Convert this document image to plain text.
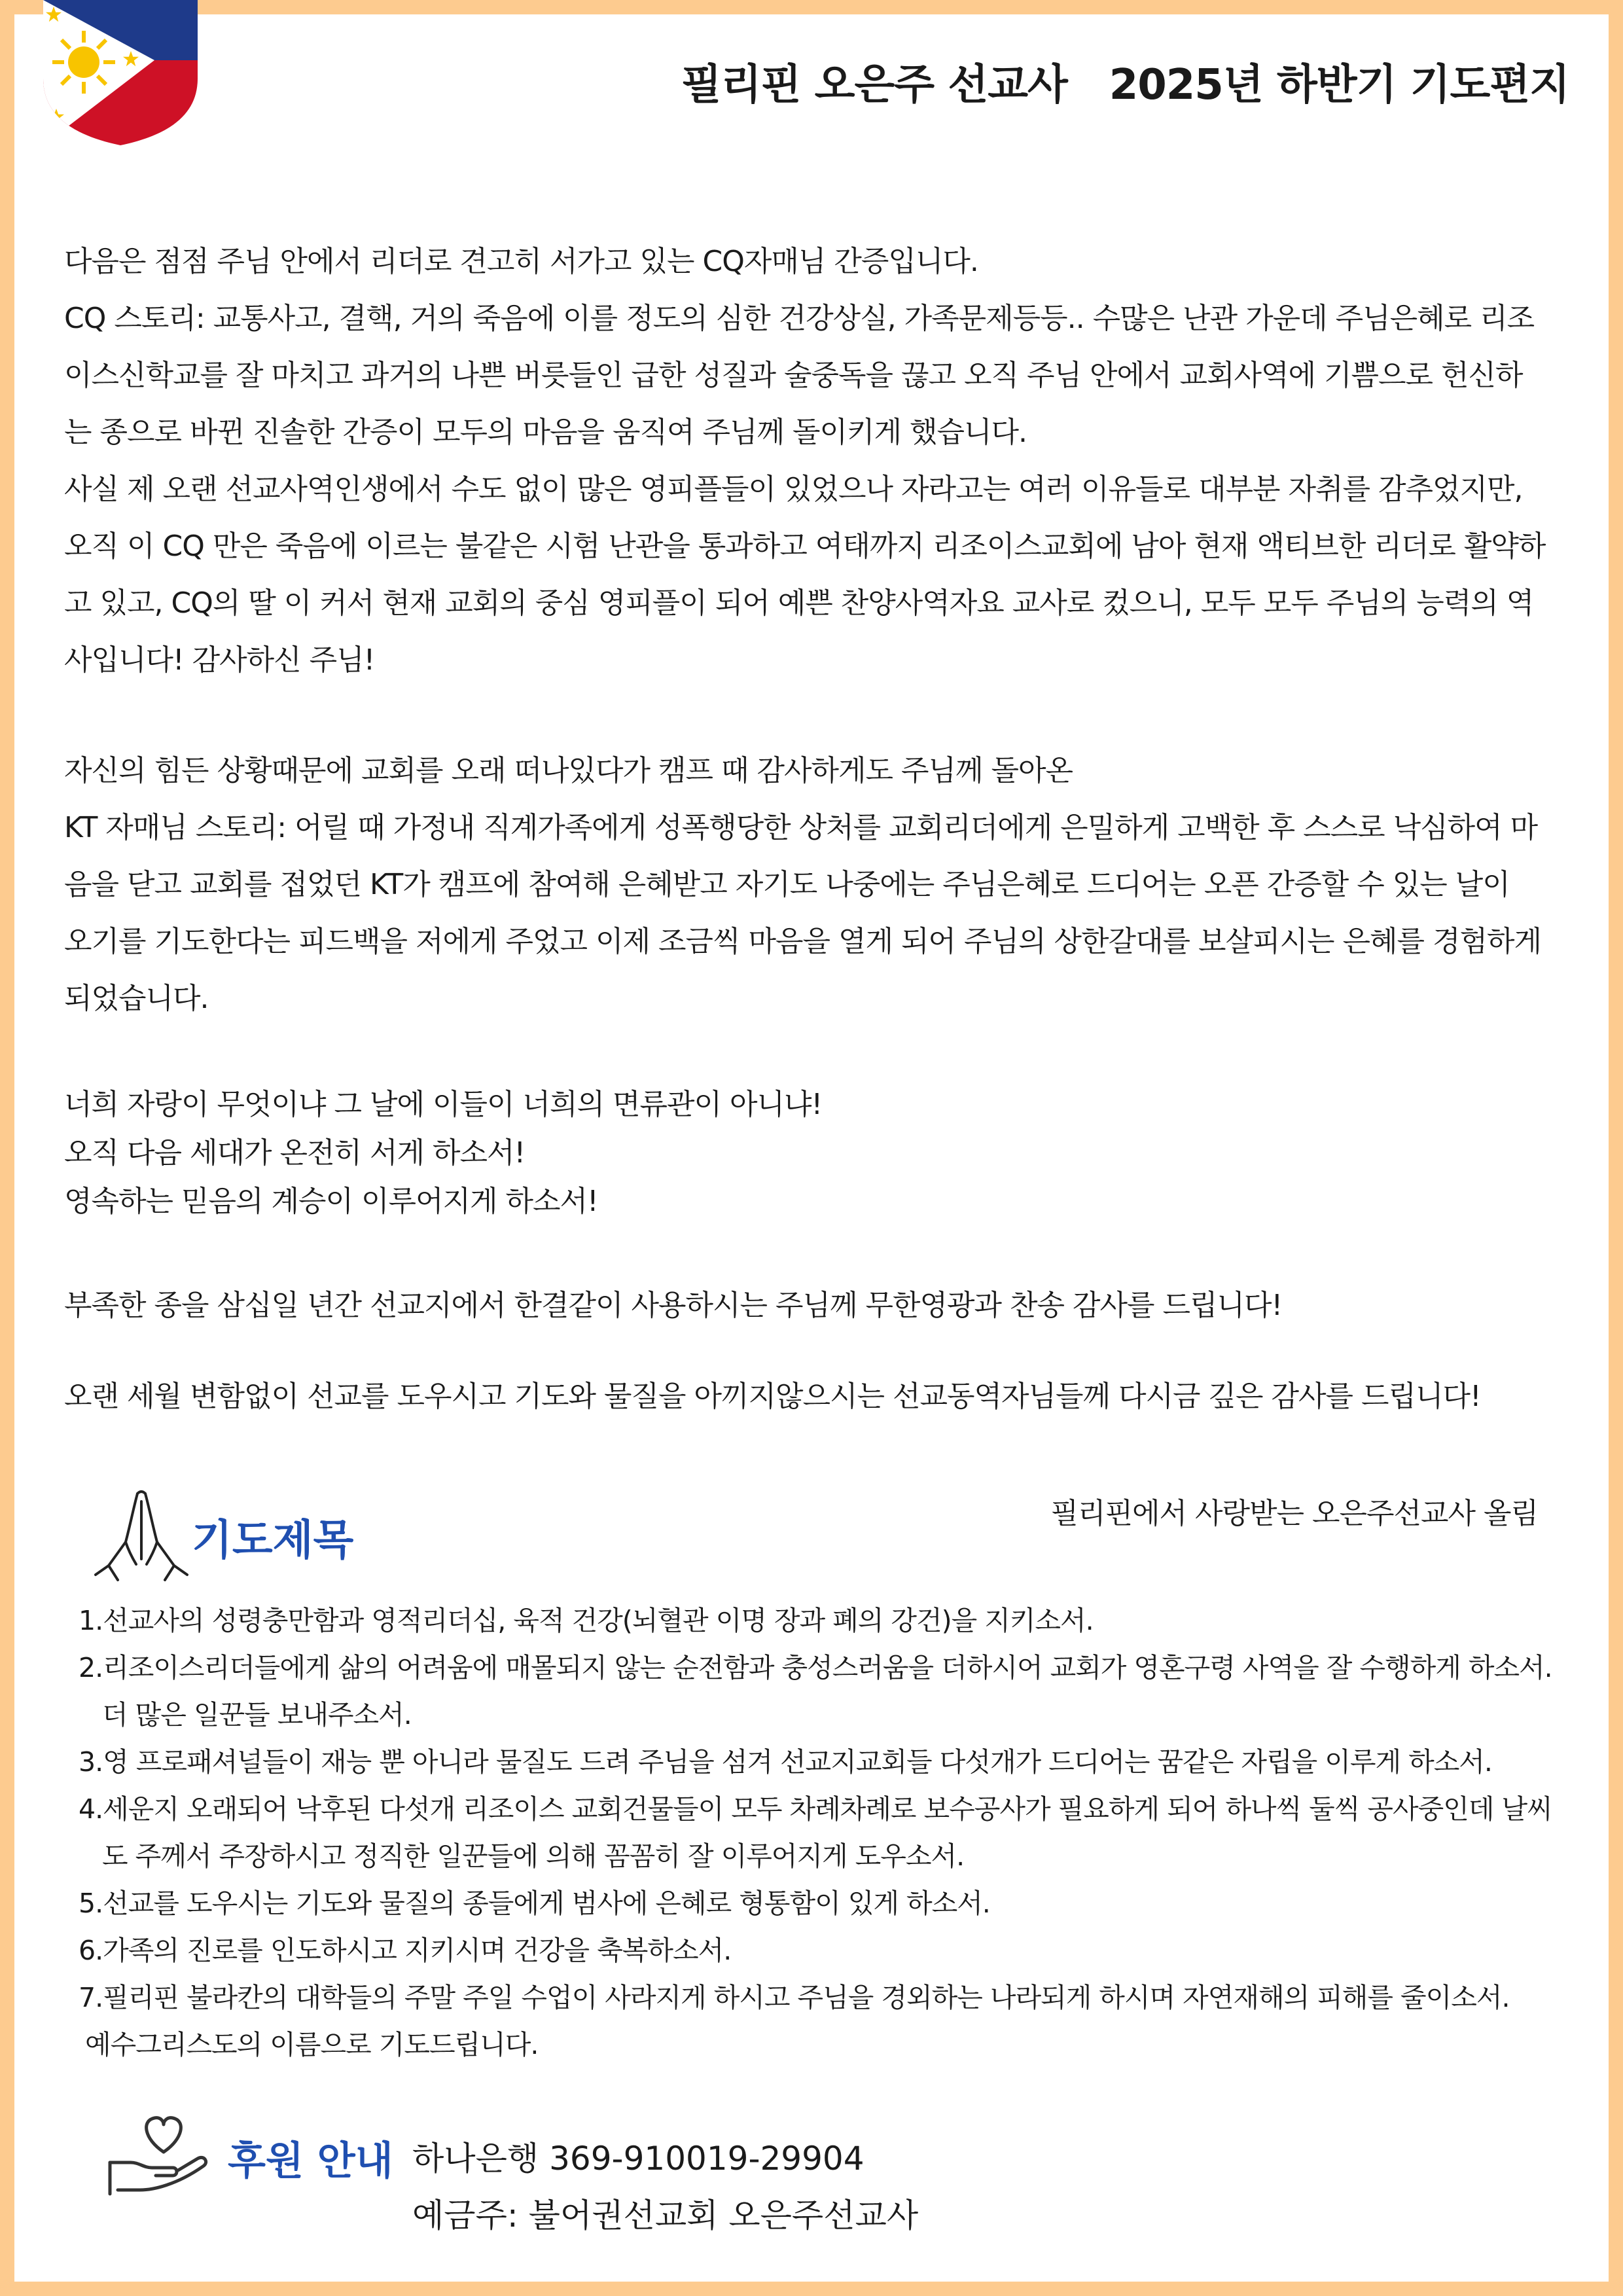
필리핀 오은주 선교사   2025년 하반기 기도편지

다음은 점점 주님 안에서 리더로 견고히 서가고 있는 CQ자매님 간증입니다.

CQ 스토리: 교통사고, 결핵, 거의 죽음에 이를 정도의 심한 건강상실, 가족문제등등.. 수많은 난관 가운데 주님은혜로 리조

이스신학교를 잘 마치고 과거의 나쁜 버릇들인 급한 성질과 술중독을 끊고 오직 주님 안에서 교회사역에 기쁨으로 헌신하

는 종으로 바뀐 진솔한 간증이 모두의 마음을 움직여 주님께 돌이키게 했습니다.

사실 제 오랜 선교사역인생에서 수도 없이 많은 영피플들이 있었으나 자라고는 여러 이유들로 대부분 자취를 감추었지만,

오직 이 CQ 만은 죽음에 이르는 불같은 시험 난관을 통과하고 여태까지 리조이스교회에 남아 현재 액티브한 리더로 활약하

고 있고, CQ의 딸 이 커서 현재 교회의 중심 영피플이 되어 예쁜 찬양사역자요 교사로 컸으니, 모두 모두 주님의 능력의 역

사입니다! 감사하신 주님!

자신의 힘든 상황때문에 교회를 오래 떠나있다가 캠프 때 감사하게도 주님께 돌아온

KT 자매님 스토리: 어릴 때 가정내 직계가족에게 성폭행당한 상처를 교회리더에게 은밀하게 고백한 후 스스로 낙심하여 마

음을 닫고 교회를 접었던 KT가 캠프에 참여해 은혜받고 자기도 나중에는 주님은혜로 드디어는 오픈 간증할 수 있는 날이

오기를 기도한다는 피드백을 저에게 주었고 이제 조금씩 마음을 열게 되어 주님의 상한갈대를 보살피시는 은혜를 경험하게

되었습니다.

너희 자랑이 무엇이냐 그 날에 이들이 너희의 면류관이 아니냐!

오직 다음 세대가 온전히 서게 하소서!

영속하는 믿음의 계승이 이루어지게 하소서!

부족한 종을 삼십일 년간 선교지에서 한결같이 사용하시는 주님께 무한영광과 찬송 감사를 드립니다!

오랜 세월 변함없이 선교를 도우시고 기도와 물질을 아끼지않으시는 선교동역자님들께 다시금 깊은 감사를 드립니다!

기도제목
필리핀에서 사랑받는 오은주선교사 올림

1.선교사의 성령충만함과 영적리더십, 육적 건강(뇌혈관 이명 장과 폐의 강건)을 지키소서.

2.리조이스리더들에게 삶의 어려움에 매몰되지 않는 순전함과 충성스러움을 더하시어 교회가 영혼구령 사역을 잘 수행하게 하소서.

더 많은 일꾼들 보내주소서.

3.영 프로패셔널들이 재능 뿐 아니라 물질도 드려 주님을 섬겨 선교지교회들 다섯개가 드디어는 꿈같은 자립을 이루게 하소서.

4.세운지 오래되어 낙후된 다섯개 리조이스 교회건물들이 모두 차례차례로 보수공사가 필요하게 되어 하나씩 둘씩 공사중인데 날씨

도 주께서 주장하시고 정직한 일꾼들에 의해 꼼꼼히 잘 이루어지게 도우소서.

5.선교를 도우시는 기도와 물질의 종들에게 범사에 은혜로 형통함이 있게 하소서.

6.가족의 진로를 인도하시고 지키시며 건강을 축복하소서.

7.필리핀 불라칸의 대학들의 주말 주일 수업이 사라지게 하시고 주님을 경외하는 나라되게 하시며 자연재해의 피해를 줄이소서.

예수그리스도의 이름으로 기도드립니다.

후원 안내 하나은행 369-910019-29904
예금주: 불어권선교회 오은주선교사
